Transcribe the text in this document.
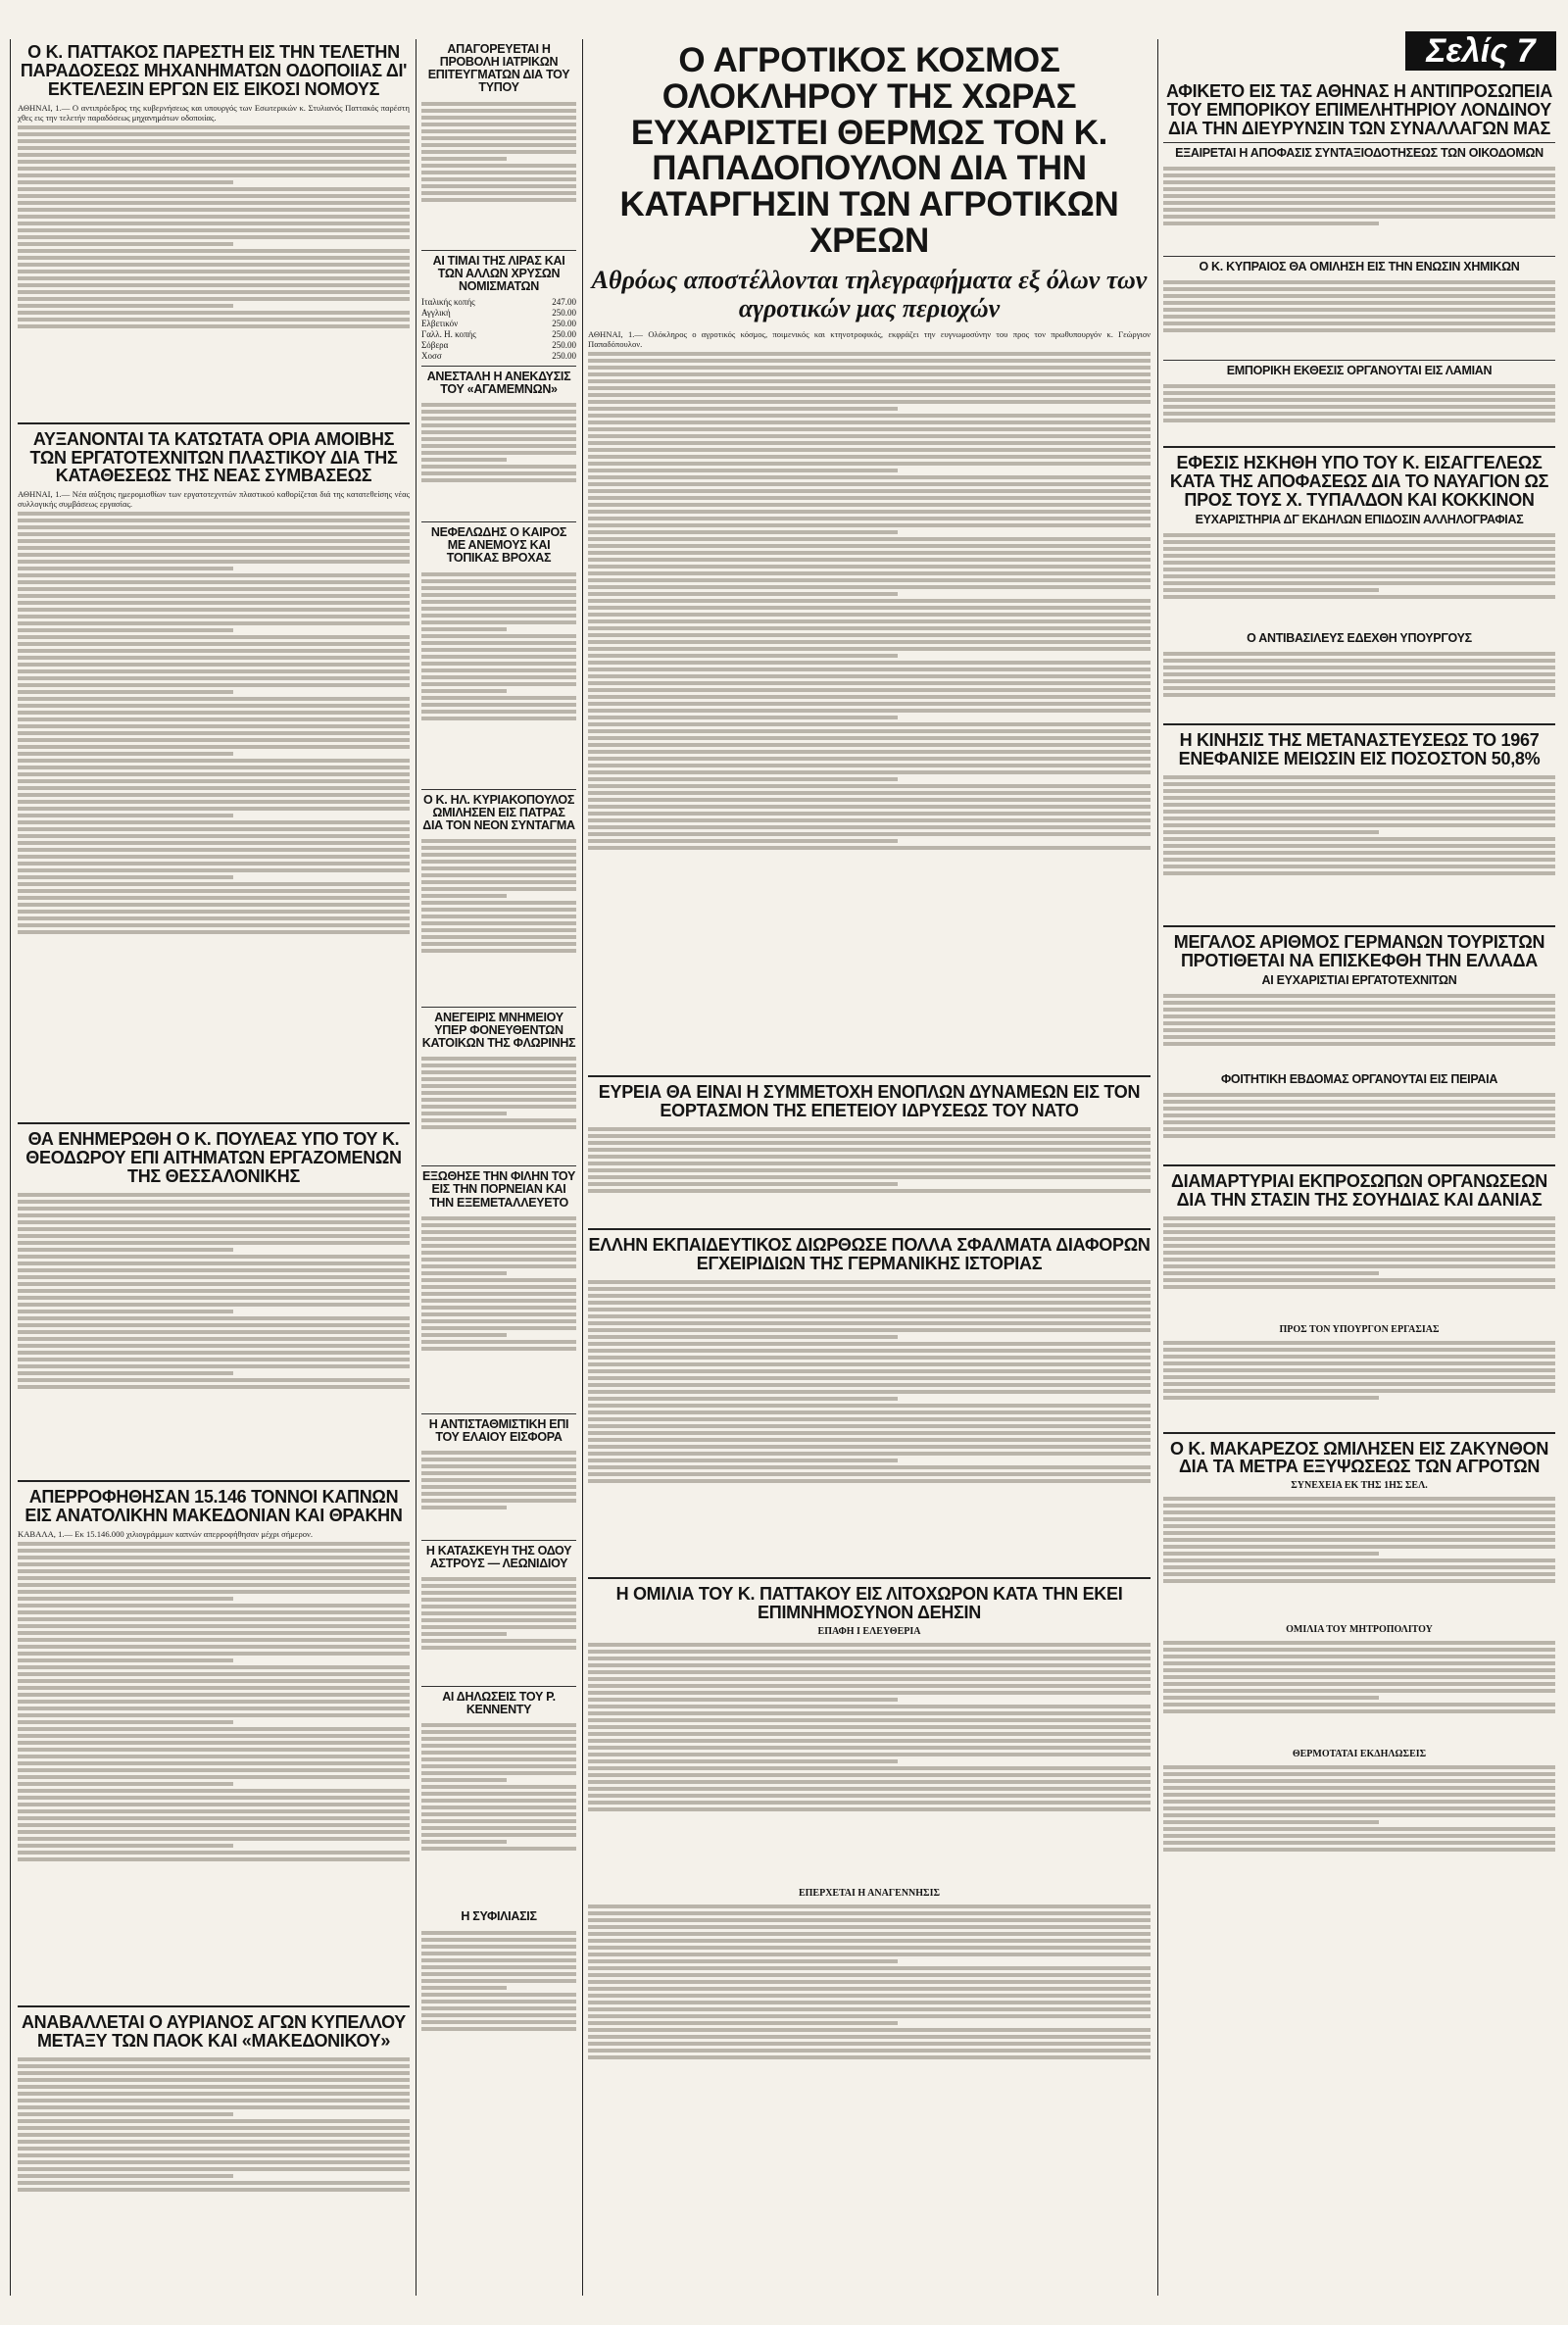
Σελίς 7
Ο Κ. ΠΑΤΤΑΚΟΣ ΠΑΡΕΣΤΗ ΕΙΣ ΤΗΝ ΤΕΛΕΤΗΝ ΠΑΡΑΔΟΣΕΩΣ ΜΗΧΑΝΗΜΑΤΩΝ ΟΔΟΠΟΙΙΑΣ ΔΙ' ΕΚΤΕΛΕΣΙΝ ΕΡΓΩΝ ΕΙΣ ΕΙΚΟΣΙ ΝΟΜΟΥΣ
ΑΘΗΝΑΙ, 1.— Ο αντιπρόεδρος της κυβερνήσεως και υπουργός των Εσωτερικών κ. Στυλιανός Παττακός παρέστη χθες εις την τελετήν παραδόσεως μηχανημάτων οδοποιίας.
ΑΥΞΑΝΟΝΤΑΙ ΤΑ ΚΑΤΩΤΑΤΑ ΟΡΙΑ ΑΜΟΙΒΗΣ ΤΩΝ ΕΡΓΑΤΟΤΕΧΝΙΤΩΝ ΠΛΑΣΤΙΚΟΥ ΔΙΑ ΤΗΣ ΚΑΤΑΘΕΣΕΩΣ ΤΗΣ ΝΕΑΣ ΣΥΜΒΑΣΕΩΣ
ΑΘΗΝΑΙ, 1.— Νέα αύξησις ημερομισθίων των εργατοτεχνιτών πλαστικού καθορίζεται διά της κατατεθείσης νέας συλλογικής συμβάσεως εργασίας.
ΘΑ ΕΝΗΜΕΡΩΘΗ Ο Κ. ΠΟΥΛΕΑΣ ΥΠΟ ΤΟΥ Κ. ΘΕΟΔΩΡΟΥ ΕΠΙ ΑΙΤΗΜΑΤΩΝ ΕΡΓΑΖΟΜΕΝΩΝ ΤΗΣ ΘΕΣΣΑΛΟΝΙΚΗΣ
ΑΠΕΡΡΟΦΗΘΗΣΑΝ 15.146 ΤΟΝΝΟΙ ΚΑΠΝΩΝ ΕΙΣ ΑΝΑΤΟΛΙΚΗΝ ΜΑΚΕΔΟΝΙΑΝ ΚΑΙ ΘΡΑΚΗΝ
ΚΑΒΑΛΑ, 1.— Εκ 15.146.000 χιλιογράμμων καπνών απερροφήθησαν μέχρι σήμερον.
ΑΝΑΒΑΛΛΕΤΑΙ Ο ΑΥΡΙΑΝΟΣ ΑΓΩΝ ΚΥΠΕΛΛΟΥ ΜΕΤΑΞΥ ΤΩΝ ΠΑΟΚ ΚΑΙ «ΜΑΚΕΔΟΝΙΚΟΥ»
ΑΠΑΓΟΡΕΥΕΤΑΙ Η ΠΡΟΒΟΛΗ ΙΑΤΡΙΚΩΝ ΕΠΙΤΕΥΓΜΑΤΩΝ ΔΙΑ ΤΟΥ ΤΥΠΟΥ
ΑΙ ΤΙΜΑΙ ΤΗΣ ΛΙΡΑΣ ΚΑΙ ΤΩΝ ΑΛΛΩΝ ΧΡΥΣΩΝ ΝΟΜΙΣΜΑΤΩΝ
Ιταλικής κοπής	247.00
Αγγλική	250.00
Ελβετικόν	250.00
Γαλλ. Η. κοπής	250.00
Σόβερα	250.00
Χοσσ	250.00
ΑΝΕΣΤΑΛΗ Η ΑΝΕΚΔΥΣΙΣ ΤΟΥ «ΑΓΑΜΕΜΝΩΝ»
ΝΕΦΕΛΩΔΗΣ Ο ΚΑΙΡΟΣ ΜΕ ΑΝΕΜΟΥΣ ΚΑΙ ΤΟΠΙΚΑΣ ΒΡΟΧΑΣ
Ο Κ. ΗΛ. ΚΥΡΙΑΚΟΠΟΥΛΟΣ ΩΜΙΛΗΣΕΝ ΕΙΣ ΠΑΤΡΑΣ ΔΙΑ ΤΟΝ ΝΕΟΝ ΣΥΝΤΑΓΜΑ
ΑΝΕΓΕΙΡΙΣ ΜΝΗΜΕΙΟΥ ΥΠΕΡ ΦΟΝΕΥΘΕΝΤΩΝ ΚΑΤΟΙΚΩΝ ΤΗΣ ΦΛΩΡΙΝΗΣ
ΕΞΩΘΗΣΕ ΤΗΝ ΦΙΛΗΝ ΤΟΥ ΕΙΣ ΤΗΝ ΠΟΡΝΕΙΑΝ ΚΑΙ ΤΗΝ ΕΞΕΜΕΤΑΛΛΕΥΕΤΟ
Η ΑΝΤΙΣΤΑΘΜΙΣΤΙΚΗ ΕΠΙ ΤΟΥ ΕΛΑΙΟΥ ΕΙΣΦΟΡΑ
Η ΚΑΤΑΣΚΕΥΗ ΤΗΣ ΟΔΟΥ ΑΣΤΡΟΥΣ — ΛΕΩΝΙΔΙΟΥ
ΑΙ ΔΗΛΩΣΕΙΣ ΤΟΥ Ρ. ΚΕΝΝΕΝΤΥ
Η ΣΥΦΙΛΙΑΣΙΣ
Ο ΑΓΡΟΤΙΚΟΣ ΚΟΣΜΟΣ ΟΛΟΚΛΗΡΟΥ ΤΗΣ ΧΩΡΑΣ ΕΥΧΑΡΙΣΤΕΙ ΘΕΡΜΩΣ ΤΟΝ Κ. ΠΑΠΑΔΟΠΟΥΛΟΝ ΔΙΑ ΤΗΝ ΚΑΤΑΡΓΗΣΙΝ ΤΩΝ ΑΓΡΟΤΙΚΩΝ ΧΡΕΩΝ
Αθρόως αποστέλλονται τηλεγραφήματα εξ όλων των αγροτικών μας περιοχών
ΑΘΗΝΑΙ, 1.— Ολόκληρος ο αγροτικός κόσμος, ποιμενικός και κτηνοτροφικός, εκφράζει την ευγνωμοσύνην του προς τον πρωθυπουργόν κ. Γεώργιον Παπαδόπουλον.
ΕΥΡΕΙΑ ΘΑ ΕΙΝΑΙ Η ΣΥΜΜΕΤΟΧΗ ΕΝΟΠΛΩΝ ΔΥΝΑΜΕΩΝ ΕΙΣ ΤΟΝ ΕΟΡΤΑΣΜΟΝ ΤΗΣ ΕΠΕΤΕΙΟΥ ΙΔΡΥΣΕΩΣ ΤΟΥ ΝΑΤΟ
ΕΛΛΗΝ ΕΚΠΑΙΔΕΥΤΙΚΟΣ ΔΙΩΡΘΩΣΕ ΠΟΛΛΑ ΣΦΑΛΜΑΤΑ ΔΙΑΦΟΡΩΝ ΕΓΧΕΙΡΙΔΙΩΝ ΤΗΣ ΓΕΡΜΑΝΙΚΗΣ ΙΣΤΟΡΙΑΣ
Η ΟΜΙΛΙΑ ΤΟΥ Κ. ΠΑΤΤΑΚΟΥ ΕΙΣ ΛΙΤΟΧΩΡΟΝ ΚΑΤΑ ΤΗΝ ΕΚΕΙ ΕΠΙΜΝΗΜΟΣΥΝΟΝ ΔΕΗΣΙΝ
ΕΠΑΦΗ Ι ΕΛΕΥΘΕΡΙΑ
ΕΠΕΡΧΕΤΑΙ Η ΑΝΑΓΕΝΝΗΣΙΣ
ΑΦΙΚΕΤΟ ΕΙΣ ΤΑΣ ΑΘΗΝΑΣ Η ΑΝΤΙΠΡΟΣΩΠΕΙΑ ΤΟΥ ΕΜΠΟΡΙΚΟΥ ΕΠΙΜΕΛΗΤΗΡΙΟΥ ΛΟΝΔΙΝΟΥ ΔΙΑ ΤΗΝ ΔΙΕΥΡΥΝΣΙΝ ΤΩΝ ΣΥΝΑΛΛΑΓΩΝ ΜΑΣ
ΕΞΑΙΡΕΤΑΙ Η ΑΠΟΦΑΣΙΣ ΣΥΝΤΑΞΙΟΔΟΤΗΣΕΩΣ ΤΩΝ ΟΙΚΟΔΟΜΩΝ
Ο Κ. ΚΥΠΡΑΙΟΣ ΘΑ ΟΜΙΛΗΣΗ ΕΙΣ ΤΗΝ ΕΝΩΣΙΝ ΧΗΜΙΚΩΝ
ΕΜΠΟΡΙΚΗ ΕΚΘΕΣΙΣ ΟΡΓΑΝΟΥΤΑΙ ΕΙΣ ΛΑΜΙΑΝ
ΕΦΕΣΙΣ ΗΣΚΗΘΗ ΥΠΟ ΤΟΥ Κ. ΕΙΣΑΓΓΕΛΕΩΣ ΚΑΤΑ ΤΗΣ ΑΠΟΦΑΣΕΩΣ ΔΙΑ ΤΟ ΝΑΥΑΓΙΟΝ ΩΣ ΠΡΟΣ ΤΟΥΣ Χ. ΤΥΠΑΛΔΟΝ ΚΑΙ ΚΟΚΚΙΝΟΝ
ΕΥΧΑΡΙΣΤΗΡΙΑ ΔΓ ΕΚΔΗΛΩΝ ΕΠΙΔΟΣΙΝ ΑΛΛΗΛΟΓΡΑΦΙΑΣ
Ο ΑΝΤΙΒΑΣΙΛΕΥΣ ΕΔΕΧΘΗ ΥΠΟΥΡΓΟΥΣ
Η ΚΙΝΗΣΙΣ ΤΗΣ ΜΕΤΑΝΑΣΤΕΥΣΕΩΣ ΤΟ 1967 ΕΝΕΦΑΝΙΣΕ ΜΕΙΩΣΙΝ ΕΙΣ ΠΟΣΟΣΤΟΝ 50,8%
ΜΕΓΑΛΟΣ ΑΡΙΘΜΟΣ ΓΕΡΜΑΝΩΝ ΤΟΥΡΙΣΤΩΝ ΠΡΟΤΙΘΕΤΑΙ ΝΑ ΕΠΙΣΚΕΦΘΗ ΤΗΝ ΕΛΛΑΔΑ
ΑΙ ΕΥΧΑΡΙΣΤΙΑΙ ΕΡΓΑΤΟΤΕΧΝΙΤΩΝ
ΦΟΙΤΗΤΙΚΗ ΕΒΔΟΜΑΣ ΟΡΓΑΝΟΥΤΑΙ ΕΙΣ ΠΕΙΡΑΙΑ
ΔΙΑΜΑΡΤΥΡΙΑΙ ΕΚΠΡΟΣΩΠΩΝ ΟΡΓΑΝΩΣΕΩΝ ΔΙΑ ΤΗΝ ΣΤΑΣΙΝ ΤΗΣ ΣΟΥΗΔΙΑΣ ΚΑΙ ΔΑΝΙΑΣ
ΠΡΟΣ ΤΟΝ ΥΠΟΥΡΓΟΝ ΕΡΓΑΣΙΑΣ
Ο Κ. ΜΑΚΑΡΕΖΟΣ ΩΜΙΛΗΣΕΝ ΕΙΣ ΖΑΚΥΝΘΟΝ ΔΙΑ ΤΑ ΜΕΤΡΑ ΕΞΥΨΩΣΕΩΣ ΤΩΝ ΑΓΡΟΤΩΝ
ΣΥΝΕΧΕΙΑ ΕΚ ΤΗΣ 1ΗΣ ΣΕΛ.
ΟΜΙΛΙΑ ΤΟΥ ΜΗΤΡΟΠΟΛΙΤΟΥ
ΘΕΡΜΟΤΑΤΑΙ ΕΚΔΗΛΩΣΕΙΣ
